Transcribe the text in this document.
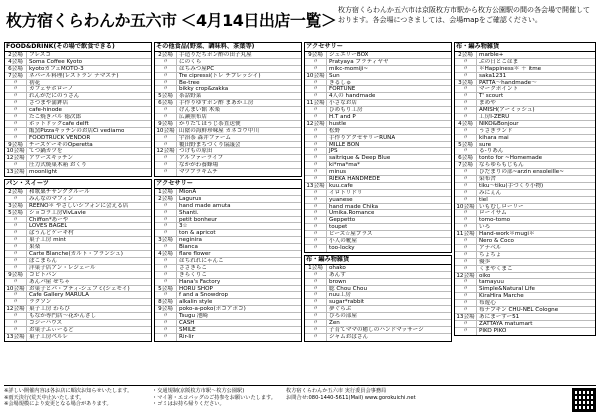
枚方宿くらわんか五六市 ＜4月14日出店一覧＞
枚方宿くらわんか五六市は京阪枚方市駅から枚方公園駅の間の各会場で開催しております。各会場につきましては、会場mapをご確認ください。
FOOD&DRINK(その場で飲食できる)
2会場	フレスコ
4会場	Soma Coffee Kyoto
6会場	kyotoカフェMOTO-3
7会場	ネパール料理(レストラン ナマステ)
〃	初花
〃	カフェサボローノ
〃	れんがだにのうさん
〃	さつまや蒲鉾店
〃	cafe-hinode
〃	たこ焼きバル 徳次郎
〃	ホットドックcafe delft
〃	飯窯Pizzaキッチンのお店Ci vediamo
〃	FOODTRUCK VENDOR
9会場	チーズケーキのOperetta
10会場 てつ鍋カツを
12会場 アワーズキッチン
〃	圧力式焼菓木箱 おくり
13会場 moonlight
パン・スイーツ
2会場	和歌巣チサングクルール
〃	みんなのマフィン
3会場	REENO＊ やさしいシフォンに会える店
5会場	ショコラ工房VivLavie
〃	Chiffon*あーや
〃	LOVES BAGEL
〃	ぱうんどケーキ村
〃	菓子工房 mint
〃	果楽
〃	Carte Blanche(カルト・ブランシュ)
〃	ぽこまらん
〃	洋菓子店アン・レジェール
9会場	コビトパン
〃	あんパ屋 ぜちゃ
10会場 お菓子とパ・プティ-シェフミ(シェモイ)
〃	Cafe Gallery MARULA
〃	ラクソン
12会場 菓子工房 わらび
〃	もなか専門店～花かんざし
〃	コジーハウス
〃	お菓子ふぃーるど
13会場 菓子工房ペルレ
その他食品(野菜、調味料、茶葉等)
2会場	手造りだちポン酢の田子丸屋
〃	にのくら
〃	はちみつ屋PC
〃	Tre cipressi(トレ チプレッシイ)
〃	Be-tree
〃	bikky crop&zakka
5会場	茶話野菜
6会場	手作りゆずポン酢 まあか工房
〃	げんまい館 木楽
〃	広瀬照布店
9会場	かりたてほうじ茶直送便
10会場 山陰の海鮮珍味屋 カネコウ中川
〃	宇治茶 森井ファーム
〃	覆田野まちづくり協議会
12会場 つけもの原田
〃	アルファーライフ
〃	なかがわ養蜂場
〃	マツブラキムチ
アクセサリー
1会場	MionA
2会場	Lagurus
〃	hand made amuta
〃	Shanti.
〃	petit bonheur
〃	3☆
〃	ton & apricot
3会場	neginira
〃	Bianca
4会場	flare flower
〃	はちれれにゃんこ
〃	ささきらこ
〃	きらくりこ
〃	Hana's Factory
5会場	HORU SHOP
〃	f and a Snowdrop
8会場	alkalin style
9会場	poko-a-poko(ポコアポコ)
〃	Tsugu 池崎
〃	CASH
〃	SMILE
〃	Rir-lir
アクセサリー
9会場	ジュエリーBOX
〃	Pratyaya プラティヤヤ
〃	mikc-momiji~
10会場 Sun
〃	きるしゅ
〃	FORTUNE
〃	4人の handmade
11会場 小さなお店
〃	ひめもり工房
〃	H.T and P
12会場 hustle
〃	松野
〃	手作りアクセサリーRUNA
〃	MILLE BON
〃	JPS
〃	saitrique & Deep Blue
〃	ki*ma*ma*
〃	minus
〃	RIEKA HANDMEDE
13会場 kuu.cafe
〃	イロトリドリ
〃	yuanese
〃	hand made Chika
〃	Umika.Romance
〃	Geppetto
〃	toupet
〃	ビーズ☆屋プラス
〃	小人の靴屋
〃	too-locky
布・編み物雑貨
1会場	ohako
〃	あんず
〃	brown
〃	聡 Chou Chou
〃	nuu工房
〃	sugar*rabbit
〃	夢ぐらぶ
〃	ぴろの部屋
〃	Zen
〃	子育てママの癒しのハンドマッサージ
〃	ジャムおばさん
布・編み物雑貨
2会場	marble+
〃	ぷの日とこはま
〃	＊Happiness＊ ＋ itme
〃	saka1231
3会場	PATTA～handmade～
〃	マークポイント
〃	T' scourt
〃	まめや
〃	AMISH(アーミッシュ)
〃	工房I-ZERU
4会場	NIKO&Bonjour
〃	うさぎランド
〃	kihara mai
5会場	sure
〃	る-りあん
6会場	tonto for ~Homemade
7会場	ならゆらもじもん
〃	ひだまりの部~arzin ensoleille~
〃	染布舎
〃	tiku～tiku(手づくり小物)
〃	みにぇん
〃	tiel
10会場 いもむしローリー
〃	ローイサム
〃	tomo-tomo
〃	いろ
11会場 Hand-work＊mugi＊
〃	Nero & Coco
〃	アナベル
〃	ちょちょ
〃	優歩
〃	くまやくまこ
12会場 oiko
〃	tamayuu
〃	Simple&Natural Life
〃	KiraHira Marche
〃	布遊心
〃	布ナプキン CHU-NEL Cologne
13会場 あにまーずー51
〃	ZATTAYA matumart
〃	PIKO PIKO
※詳しい開催内容は各お店に順次お知らせいたします。
※雨天決行(荒天中止)いたします。
※会場規模により変更となる場合があります。
・交通規制(京阪枚方市駅～枚方公園駅)
・マイ箸・エコバッグのご持参をお願いいたします。
・ゴミはお持ち帰りください。
枚方宿くらわんか五六市 実行委員会事務局
お問合せ:080-1440-5611(Mail) www.gorokuichi.net
